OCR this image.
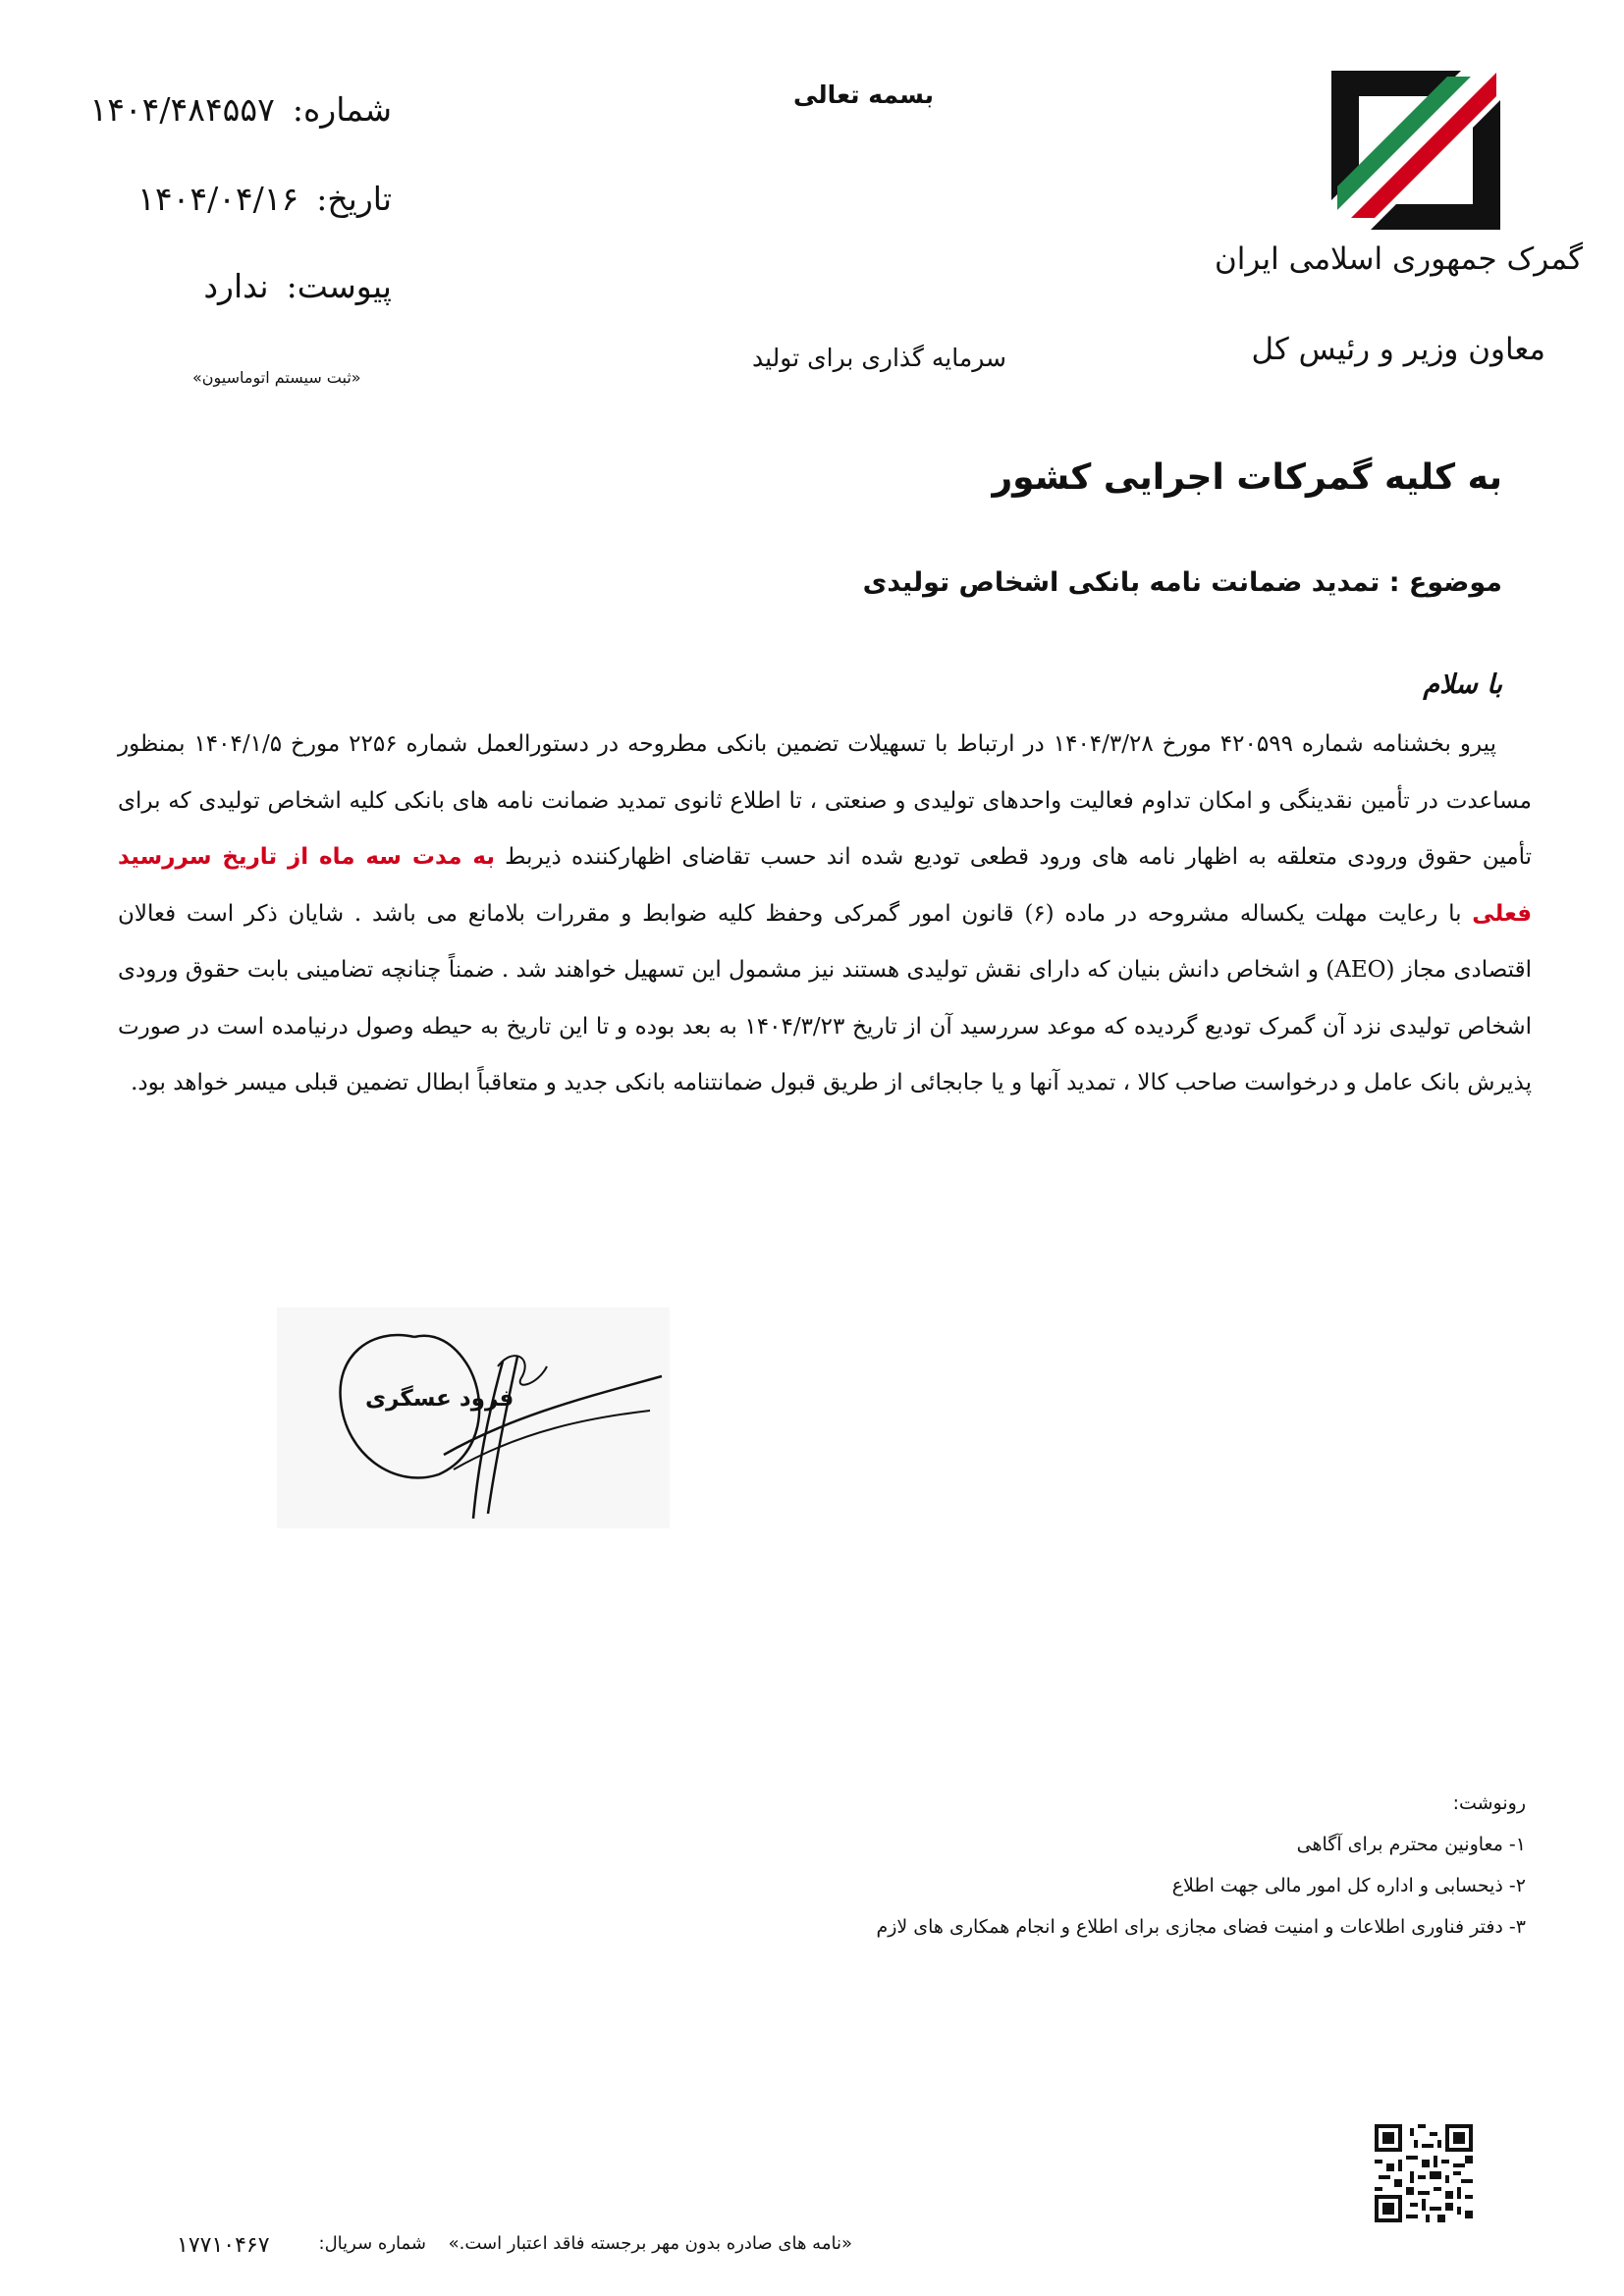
شماره:۱۴۰۴/۴۸۴۵۵۷
تاریخ:۱۴۰۴/۰۴/۱۶
پیوست:ندارد
«ثبت سیستم اتوماسیون»
بسمه تعالی
سرمایه گذاری برای تولید
گمرک جمهوری اسلامی ایران
معاون وزیر و رئیس کل
به کلیه گمرکات اجرایی کشور
موضوع : تمدید ضمانت نامه بانکی اشخاص تولیدی
با سلام
پیرو بخشنامه شماره ۴۲۰۵۹۹ مورخ ۱۴۰۴/۳/۲۸ در ارتباط با تسهیلات تضمین بانکی مطروحه در دستورالعمل شماره ۲۲۵۶ مورخ ۱۴۰۴/۱/۵ بمنظور مساعدت در تأمین نقدینگی و امکان تداوم فعالیت واحدهای تولیدی و صنعتی ، تا اطلاع ثانوی تمدید ضمانت نامه های بانکی کلیه اشخاص تولیدی که برای تأمین حقوق ورودی متعلقه به اظهار نامه های ورود قطعی تودیع شده اند حسب تقاضای اظهارکننده ذیربط به مدت سه ماه از تاریخ سررسید فعلی با رعایت مهلت یکساله مشروحه در ماده (۶) قانون امور گمرکی وحفظ کلیه ضوابط و مقررات بلامانع می باشد . شایان ذکر است فعالان اقتصادی مجاز (AEO) و اشخاص دانش بنیان که دارای نقش تولیدی هستند نیز مشمول این تسهیل خواهند شد . ضمناً چنانچه تضامینی بابت حقوق ورودی اشخاص تولیدی نزد آن گمرک تودیع گردیده که موعد سررسید آن از تاریخ ۱۴۰۴/۳/۲۳ به بعد بوده و تا این تاریخ به حیطه وصول درنیامده است در صورت پذیرش بانک عامل و درخواست صاحب کالا ، تمدید آنها و یا جابجائی از طریق قبول ضمانتنامه بانکی جدید و متعاقباً ابطال تضمین قبلی میسر خواهد بود.
فرود عسگری
رونوشت:
۱- معاونین محترم برای آگاهی
۲- ذیحسابی و اداره کل امور مالی جهت اطلاع
۳- دفتر فناوری اطلاعات و امنیت فضای مجازی برای اطلاع و انجام همکاری های لازم
«نامه های صادره بدون مهر برجسته فاقد اعتبار است.»
شماره سریال:
۱۷۷۱۰۴۶۷
